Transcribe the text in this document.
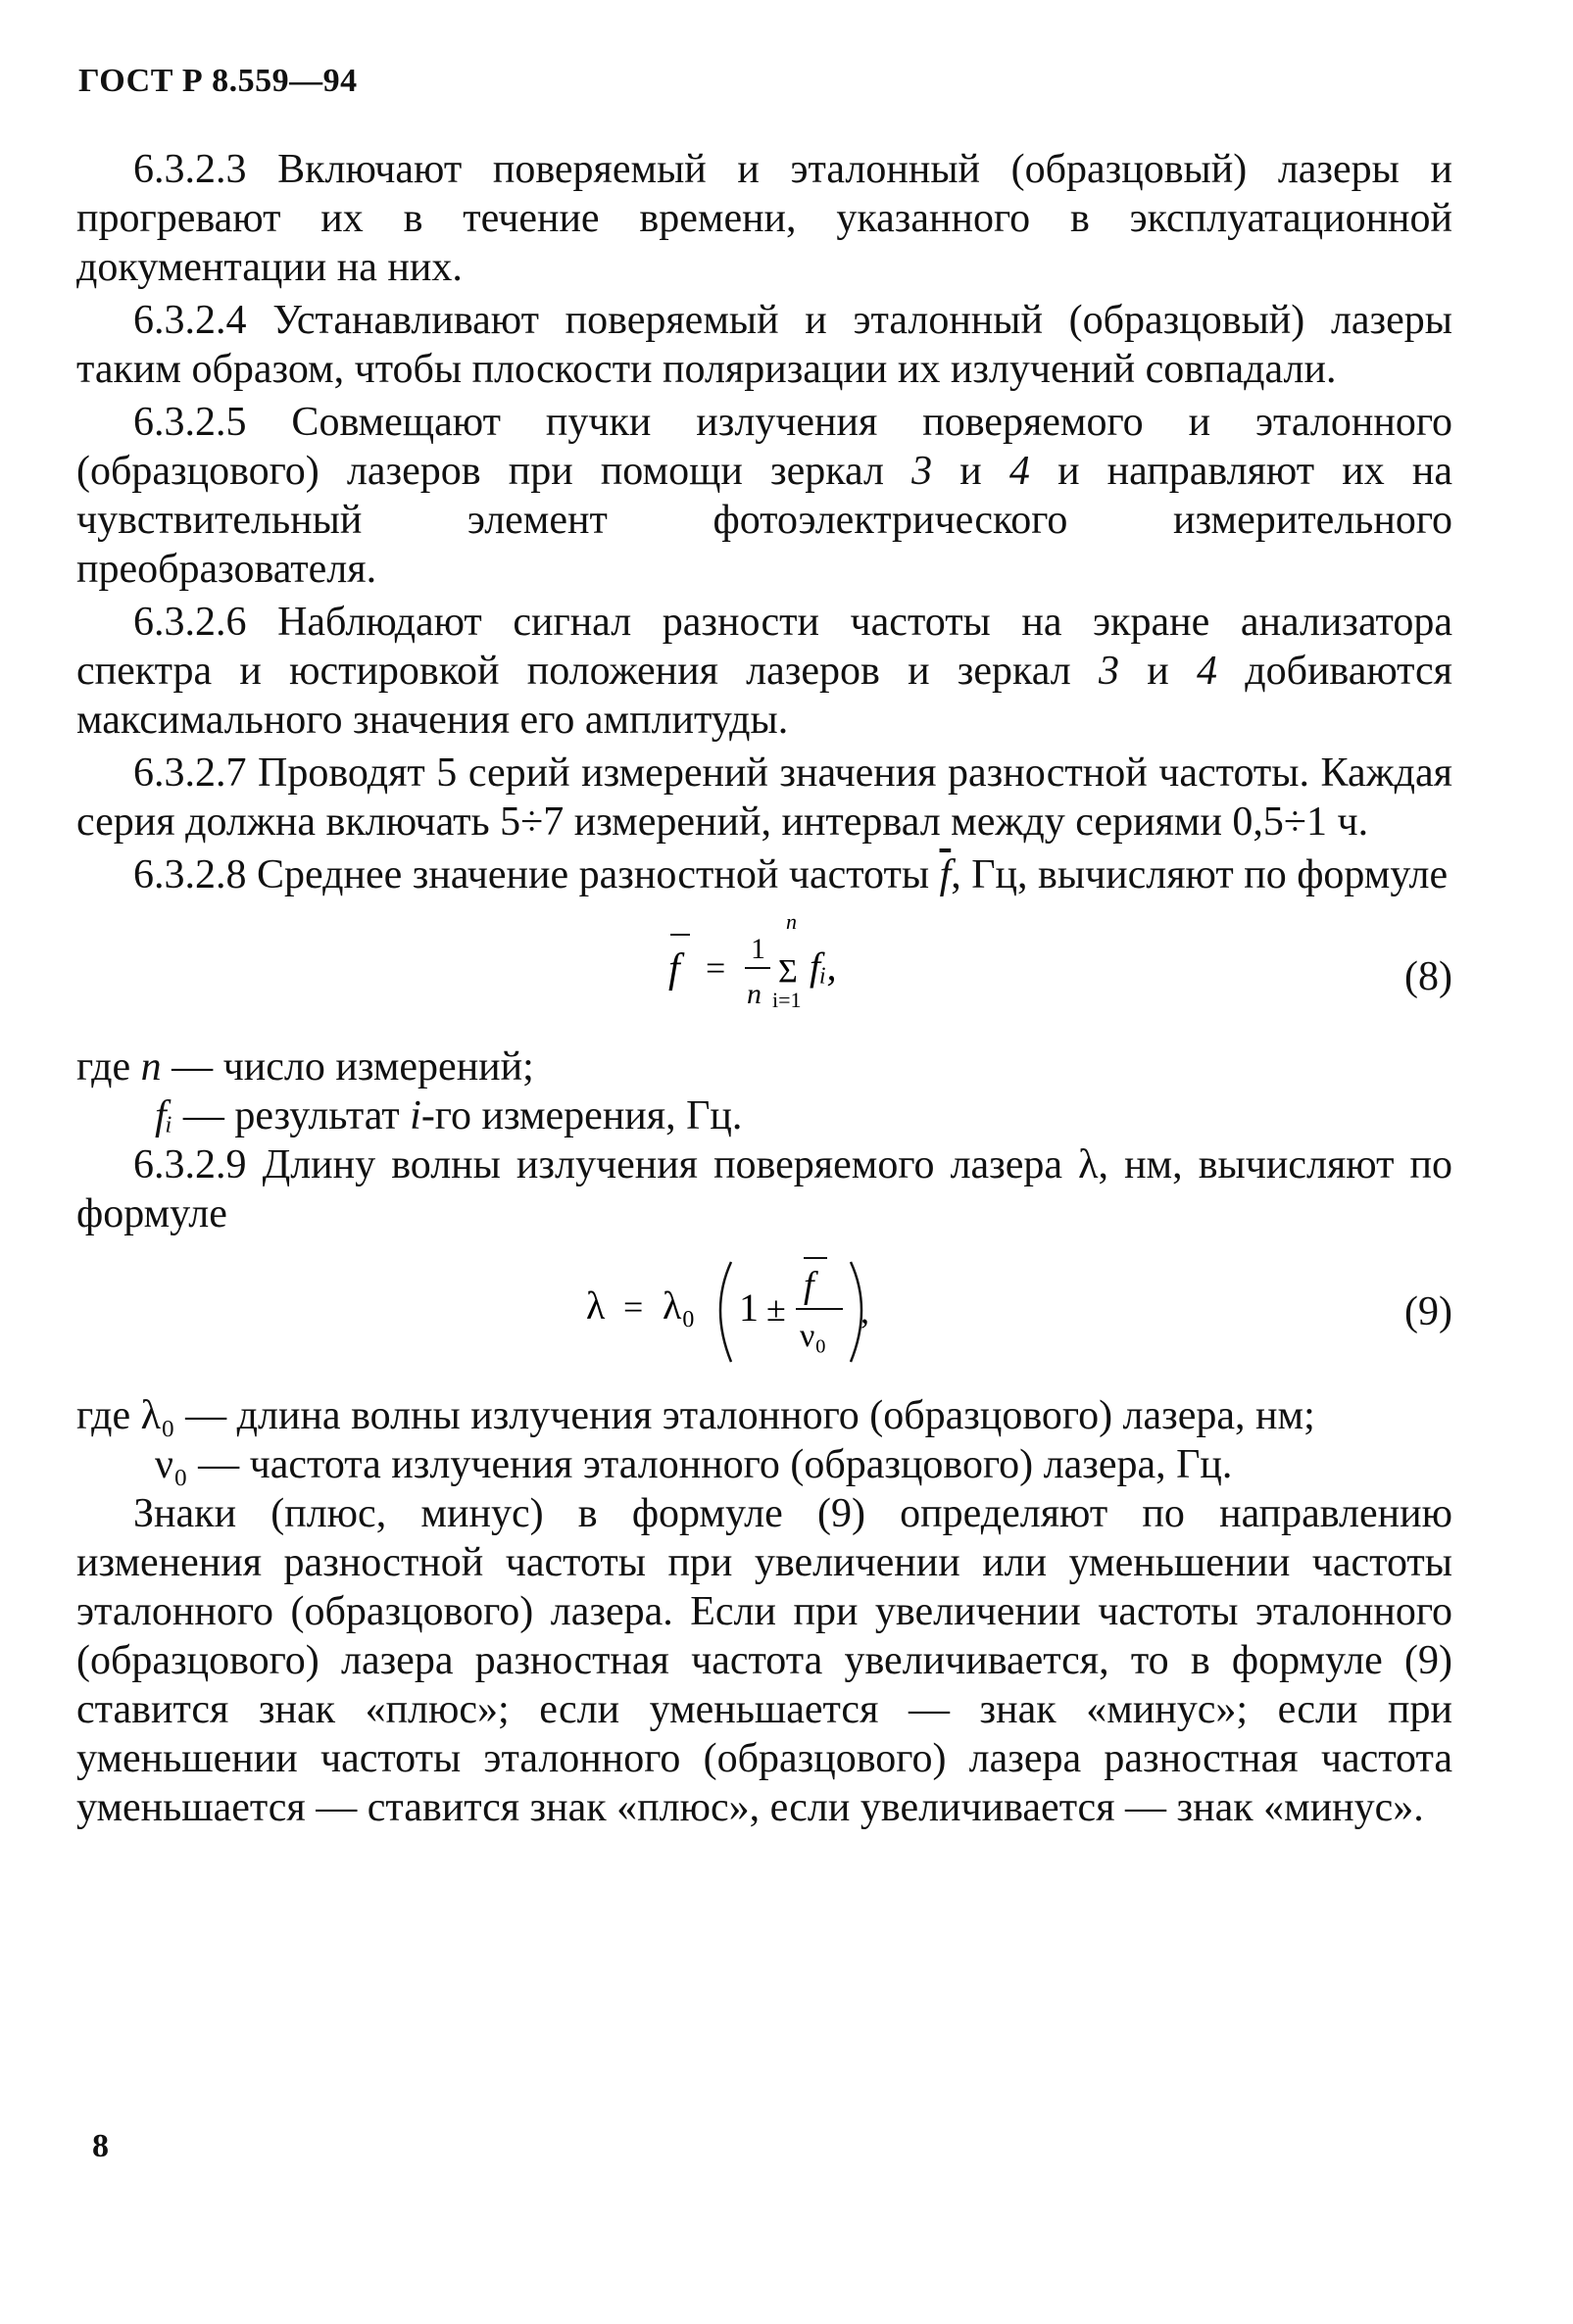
ГОСТ Р 8.559—94

6.3.2.3 Включают поверяемый и эталонный (образцовый) лазеры и прогревают их в течение времени, указанного в эксплуатационной документации на них.

6.3.2.4 Устанавливают поверяемый и эталонный (образцовый) лазеры таким образом, чтобы плоскости поляризации их излучений совпадали.

6.3.2.5 Совмещают пучки излучения поверяемого и эталонного (образцового) лазеров при помощи зеркал 3 и 4 и направляют их на чувствительный элемент фотоэлектрического измерительного преобразователя.

6.3.2.6 Наблюдают сигнал разности частоты на экране анализатора спектра и юстировкой положения лазеров и зеркал 3 и 4 добиваются максимального значения его амплитуды.

6.3.2.7 Проводят 5 серий измерений значения разностной частоты. Каждая серия должна включать 5÷7 измерений, интервал между сериями 0,5÷1 ч.

6.3.2.8 Среднее значение разностной частоты $\overline{f}$, Гц, вычисляют по формуле

f = 1
n
n
Σ
i=1
fᵢ,	(8)

где n — число измерений;

fᵢ — результат i-го измерения, Гц.

6.3.2.9 Длину волны излучения поверяемого лазера λ, нм, вычисляют по формуле

λ = λ₀ 1 ±
f
ν₀
,	(9)

где λ₀ — длина волны излучения эталонного (образцового) лазера, нм;

ν₀ — частота излучения эталонного (образцового) лазера, Гц.

Знаки (плюс, минус) в формуле (9) определяют по направлению изменения разностной частоты при увеличении или уменьшении частоты эталонного (образцового) лазера. Если при увеличении частоты эталонного (образцового) лазера разностная частота увеличивается, то в формуле (9) ставится знак «плюс»; если уменьшается — знак «минус»; если при уменьшении частоты эталонного (образцового) лазера разностная частота уменьшается — ставится знак «плюс», если увеличивается — знак «минус».

8
